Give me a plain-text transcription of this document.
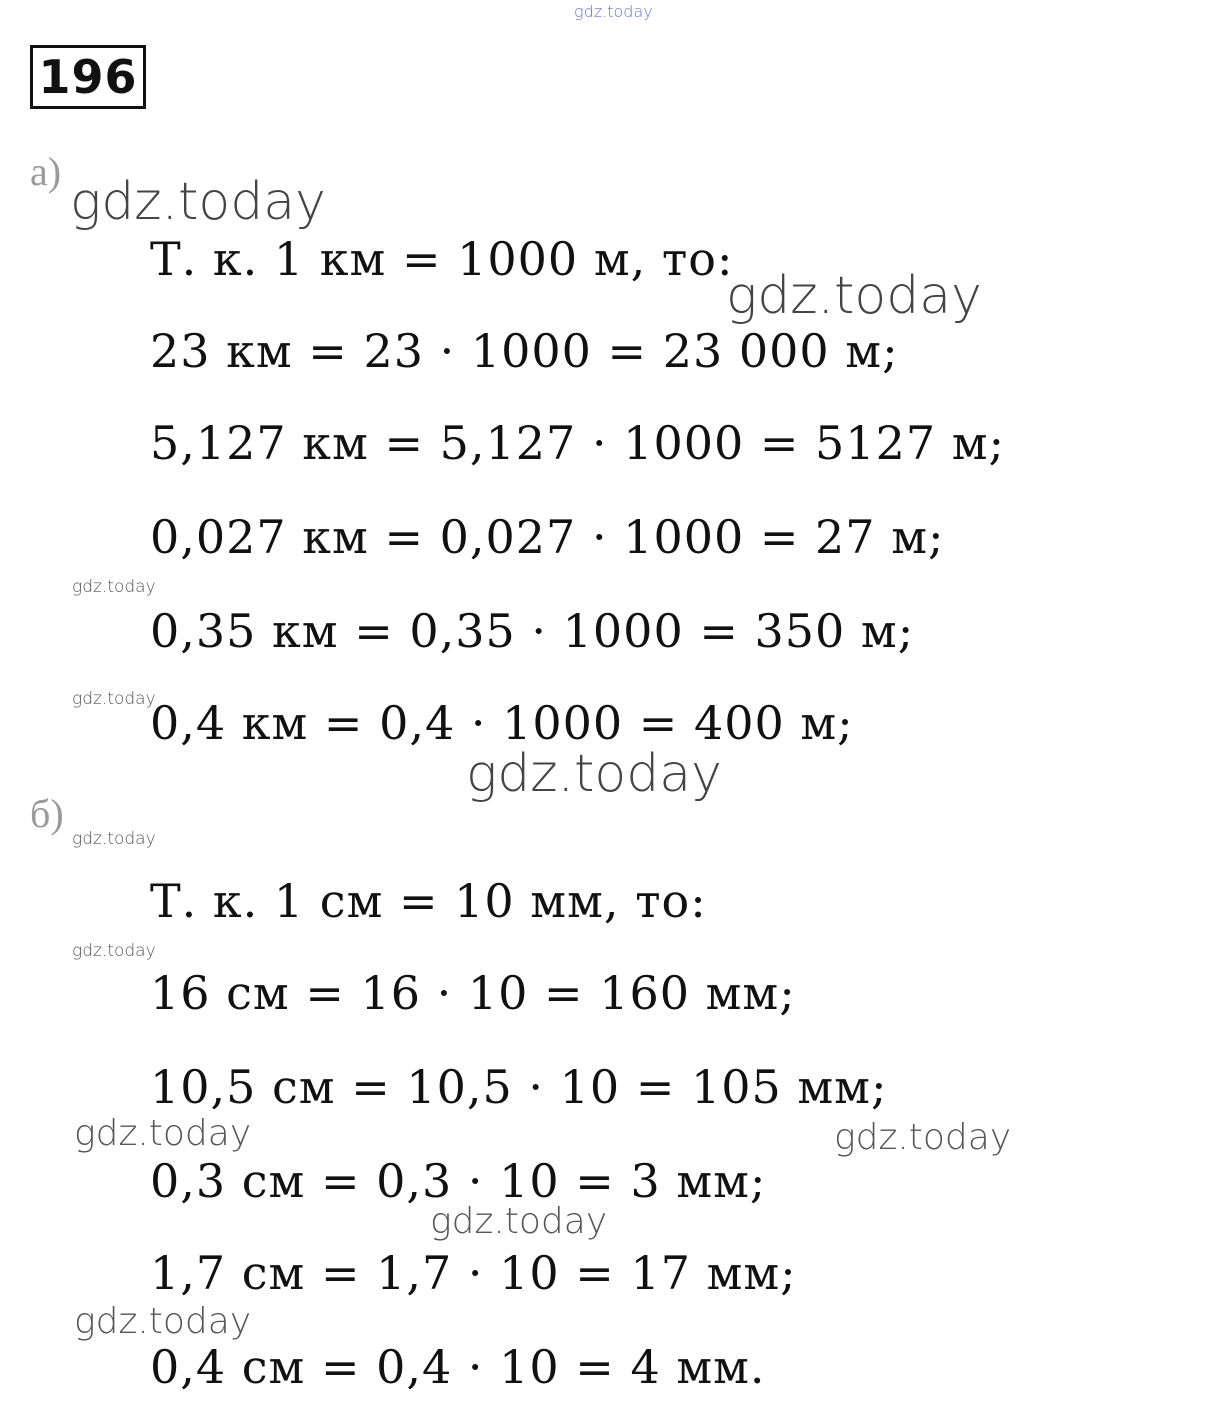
gdz.today
196
а)
gdz.today
Т. к. 1 км = 1000 м, то:
gdz.today
23 км = 23 · 1000 = 23 000 м;
5,127 км = 5,127 · 1000 = 5127 м;
0,027 км = 0,027 · 1000 = 27 м;
gdz.today
0,35 км = 0,35 · 1000 = 350 м;
gdz.today
0,4 км = 0,4 · 1000 = 400 м;
gdz.today
б)
gdz.today
Т. к. 1 см = 10 мм, то:
gdz.today
16 см = 16 · 10 = 160 мм;
10,5 см = 10,5 · 10 = 105 мм;
gdz.today	gdz.today
0,3 см = 0,3 · 10 = 3 мм;
gdz.today
1,7 см = 1,7 · 10 = 17 мм;
gdz.today
0,4 см = 0,4 · 10 = 4 мм.
